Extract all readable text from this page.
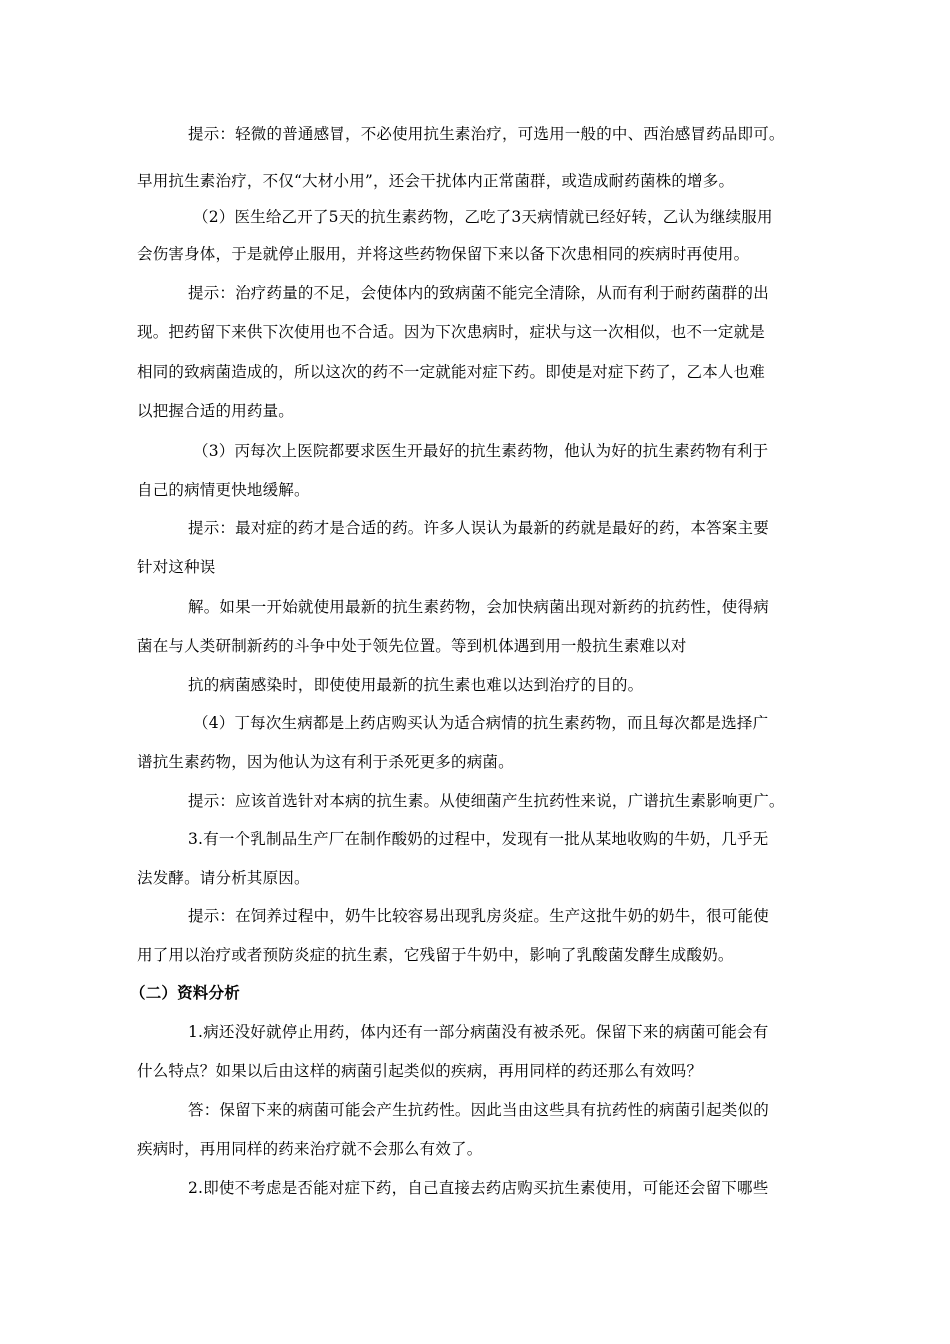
提示：轻微的普通感冒，不必使用抗生素治疗，可选用一般的中、西治感冒药品即可。
早用抗生素治疗，不仅“大材小用”，还会干扰体内正常菌群，或造成耐药菌株的增多。
（2）医生给乙开了5天的抗生素药物，乙吃了3天病情就已经好转，乙认为继续服用
会伤害身体，于是就停止服用，并将这些药物保留下来以备下次患相同的疾病时再使用。
提示：治疗药量的不足，会使体内的致病菌不能完全清除，从而有利于耐药菌群的出
现。把药留下来供下次使用也不合适。因为下次患病时，症状与这一次相似，也不一定就是
相同的致病菌造成的，所以这次的药不一定就能对症下药。即使是对症下药了，乙本人也难
以把握合适的用药量。
（3）丙每次上医院都要求医生开最好的抗生素药物，他认为好的抗生素药物有利于
自己的病情更快地缓解。
提示：最对症的药才是合适的药。许多人误认为最新的药就是最好的药，本答案主要
针对这种误
解。如果一开始就使用最新的抗生素药物，会加快病菌出现对新药的抗药性，使得病
菌在与人类研制新药的斗争中处于领先位置。等到机体遇到用一般抗生素难以对
抗的病菌感染时，即使使用最新的抗生素也难以达到治疗的目的。
（4）丁每次生病都是上药店购买认为适合病情的抗生素药物，而且每次都是选择广
谱抗生素药物，因为他认为这有利于杀死更多的病菌。
提示：应该首选针对本病的抗生素。从使细菌产生抗药性来说，广谱抗生素影响更广。
3.有一个乳制品生产厂在制作酸奶的过程中，发现有一批从某地收购的牛奶，几乎无
法发酵。请分析其原因。
提示：在饲养过程中，奶牛比较容易出现乳房炎症。生产这批牛奶的奶牛，很可能使
用了用以治疗或者预防炎症的抗生素，它残留于牛奶中，影响了乳酸菌发酵生成酸奶。
（二）资料分析
1.病还没好就停止用药，体内还有一部分病菌没有被杀死。保留下来的病菌可能会有
什么特点？如果以后由这样的病菌引起类似的疾病，再用同样的药还那么有效吗？
答：保留下来的病菌可能会产生抗药性。因此当由这些具有抗药性的病菌引起类似的
疾病时，再用同样的药来治疗就不会那么有效了。
2.即使不考虑是否能对症下药，自己直接去药店购买抗生素使用，可能还会留下哪些
